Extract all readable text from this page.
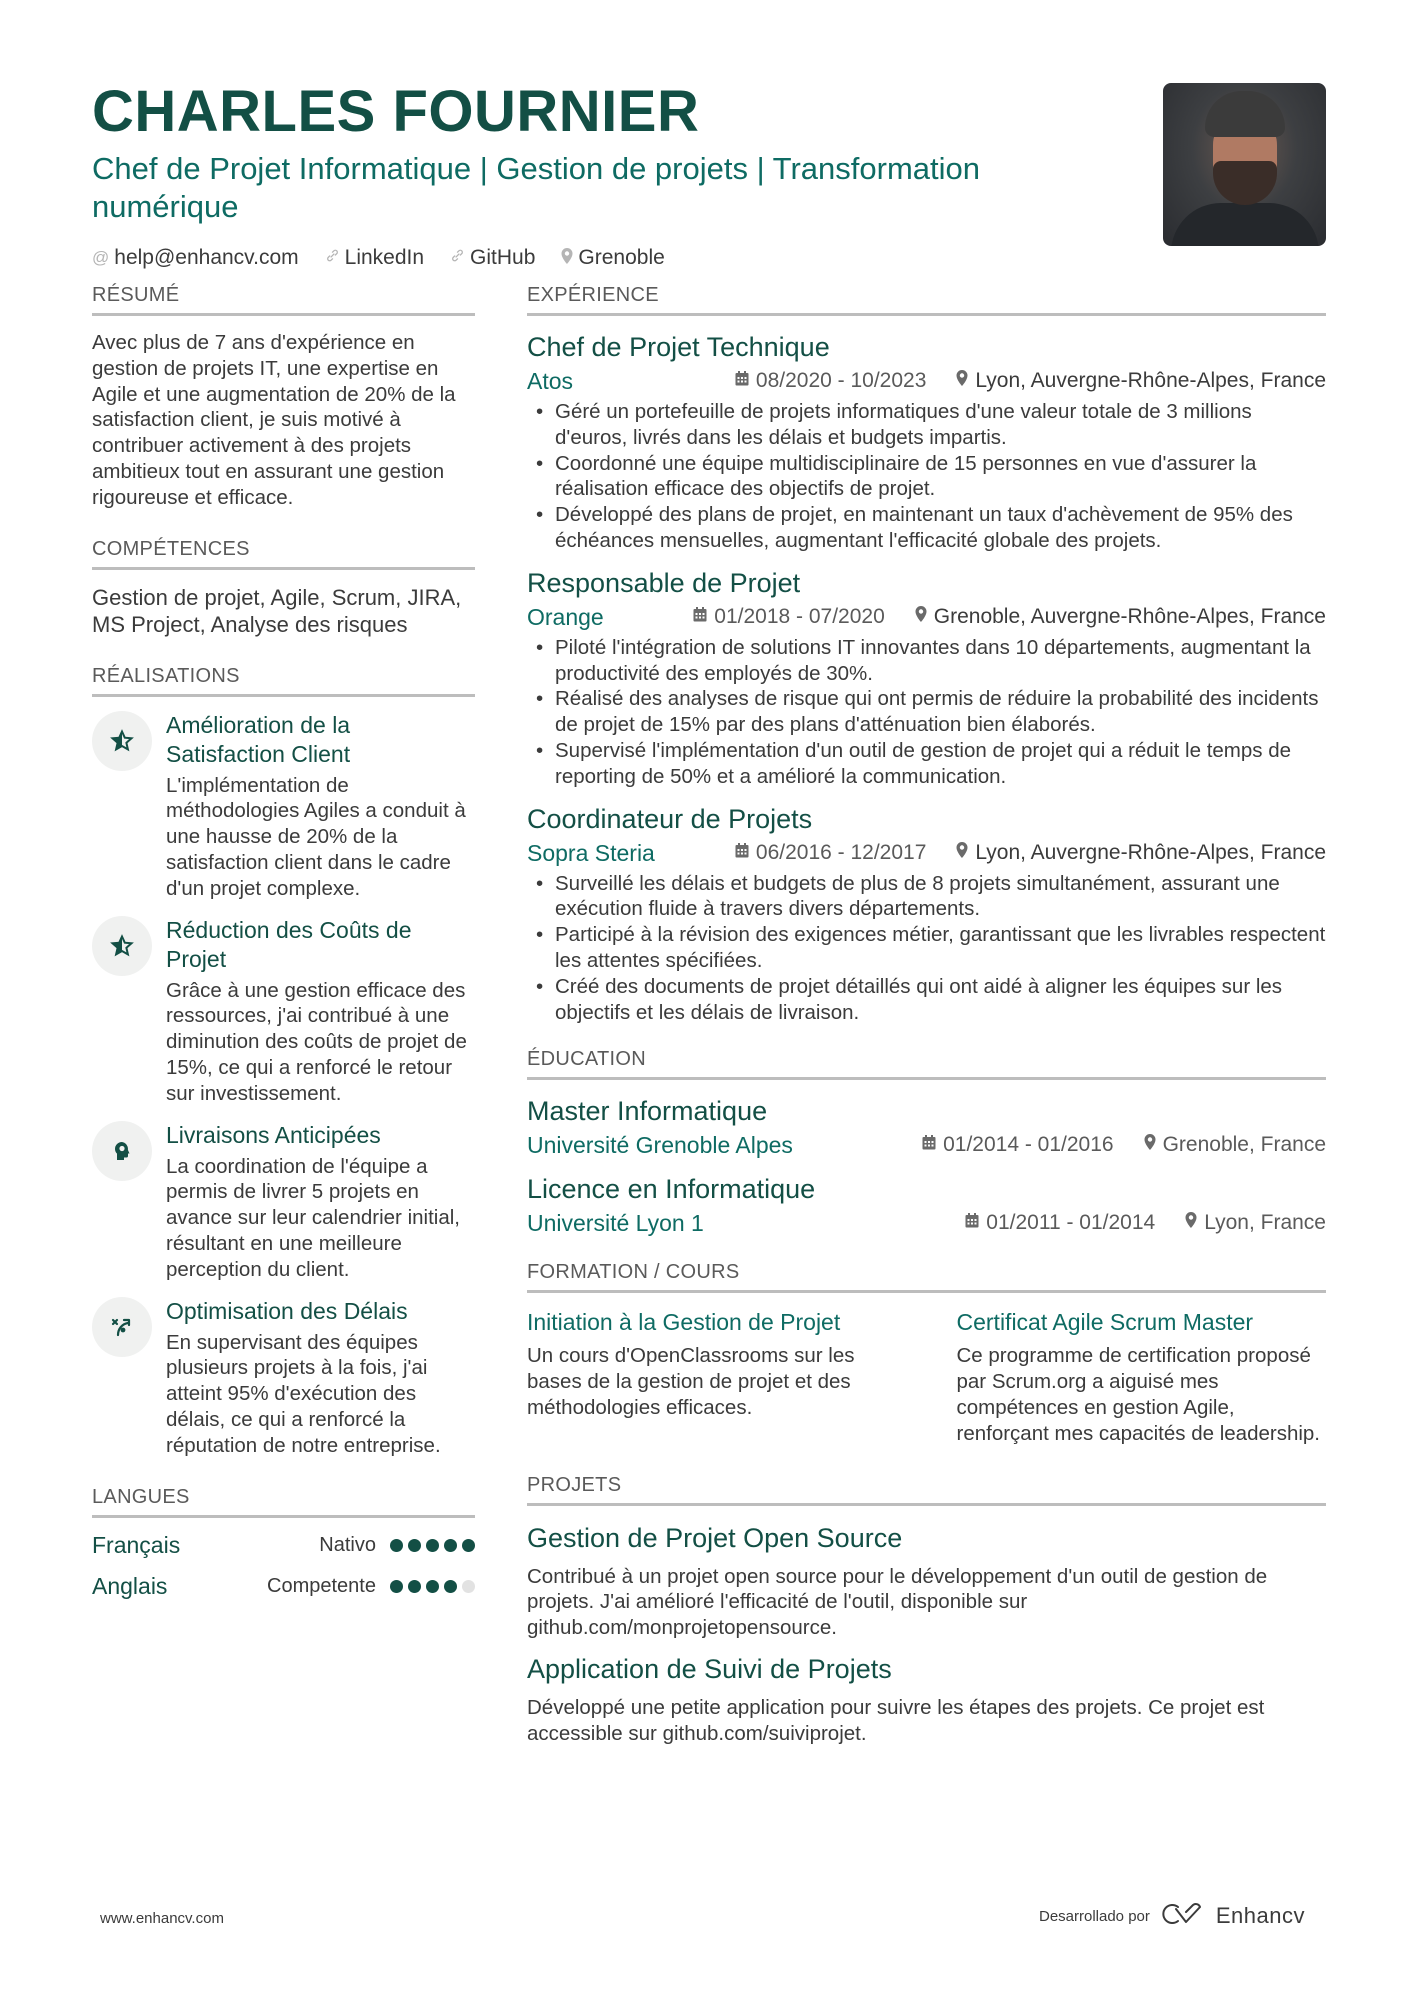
CHARLES FOURNIER
Chef de Projet Informatique | Gestion de projets | Transformation numérique
@ help@enhancv.com LinkedIn GitHub Grenoble
RÉSUMÉ
Avec plus de 7 ans d'expérience en gestion de projets IT, une expertise en Agile et une augmentation de 20% de la satisfaction client, je suis motivé à contribuer activement à des projets ambitieux tout en assurant une gestion rigoureuse et efficace.
COMPÉTENCES
Gestion de projet, Agile, Scrum, JIRA, MS Project, Analyse des risques
RÉALISATIONS
Amélioration de la Satisfaction Client
L'implémentation de méthodologies Agiles a conduit à une hausse de 20% de la satisfaction client dans le cadre d'un projet complexe.
Réduction des Coûts de Projet
Grâce à une gestion efficace des ressources, j'ai contribué à une diminution des coûts de projet de 15%, ce qui a renforcé le retour sur investissement.
Livraisons Anticipées
La coordination de l'équipe a permis de livrer 5 projets en avance sur leur calendrier initial, résultant en une meilleure perception du client.
Optimisation des Délais
En supervisant des équipes plusieurs projets à la fois, j'ai atteint 95% d'exécution des délais, ce qui a renforcé la réputation de notre entreprise.
LANGUES
Français	Nativo
Anglais	Competente
EXPÉRIENCE
Chef de Projet Technique
Atos	08/2020 - 10/2023 Lyon, Auvergne-Rhône-Alpes, France
• Géré un portefeuille de projets informatiques d'une valeur totale de 3 millions d'euros, livrés dans les délais et budgets impartis.
• Coordonné une équipe multidisciplinaire de 15 personnes en vue d'assurer la réalisation efficace des objectifs de projet.
• Développé des plans de projet, en maintenant un taux d'achèvement de 95% des échéances mensuelles, augmentant l'efficacité globale des projets.
Responsable de Projet
Orange	01/2018 - 07/2020 Grenoble, Auvergne-Rhône-Alpes, France
• Piloté l'intégration de solutions IT innovantes dans 10 départements, augmentant la productivité des employés de 30%.
• Réalisé des analyses de risque qui ont permis de réduire la probabilité des incidents de projet de 15% par des plans d'atténuation bien élaborés.
• Supervisé l'implémentation d'un outil de gestion de projet qui a réduit le temps de reporting de 50% et a amélioré la communication.
Coordinateur de Projets
Sopra Steria	06/2016 - 12/2017 Lyon, Auvergne-Rhône-Alpes, France
• Surveillé les délais et budgets de plus de 8 projets simultanément, assurant une exécution fluide à travers divers départements.
• Participé à la révision des exigences métier, garantissant que les livrables respectent les attentes spécifiées.
• Créé des documents de projet détaillés qui ont aidé à aligner les équipes sur les objectifs et les délais de livraison.
ÉDUCATION
Master Informatique
Université Grenoble Alpes	01/2014 - 01/2016 Grenoble, France
Licence en Informatique
Université Lyon 1	01/2011 - 01/2014 Lyon, France
FORMATION / COURS
Initiation à la Gestion de Projet
Un cours d'OpenClassrooms sur les bases de la gestion de projet et des méthodologies efficaces.
Certificat Agile Scrum Master
Ce programme de certification proposé par Scrum.org a aiguisé mes compétences en gestion Agile, renforçant mes capacités de leadership.
PROJETS
Gestion de Projet Open Source
Contribué à un projet open source pour le développement d'un outil de gestion de projets. J'ai amélioré l'efficacité de l'outil, disponible sur github.com/monprojetopensource.
Application de Suivi de Projets
Développé une petite application pour suivre les étapes des projets. Ce projet est accessible sur github.com/suiviprojet.
www.enhancv.com	Desarrollado por	Enhancv
